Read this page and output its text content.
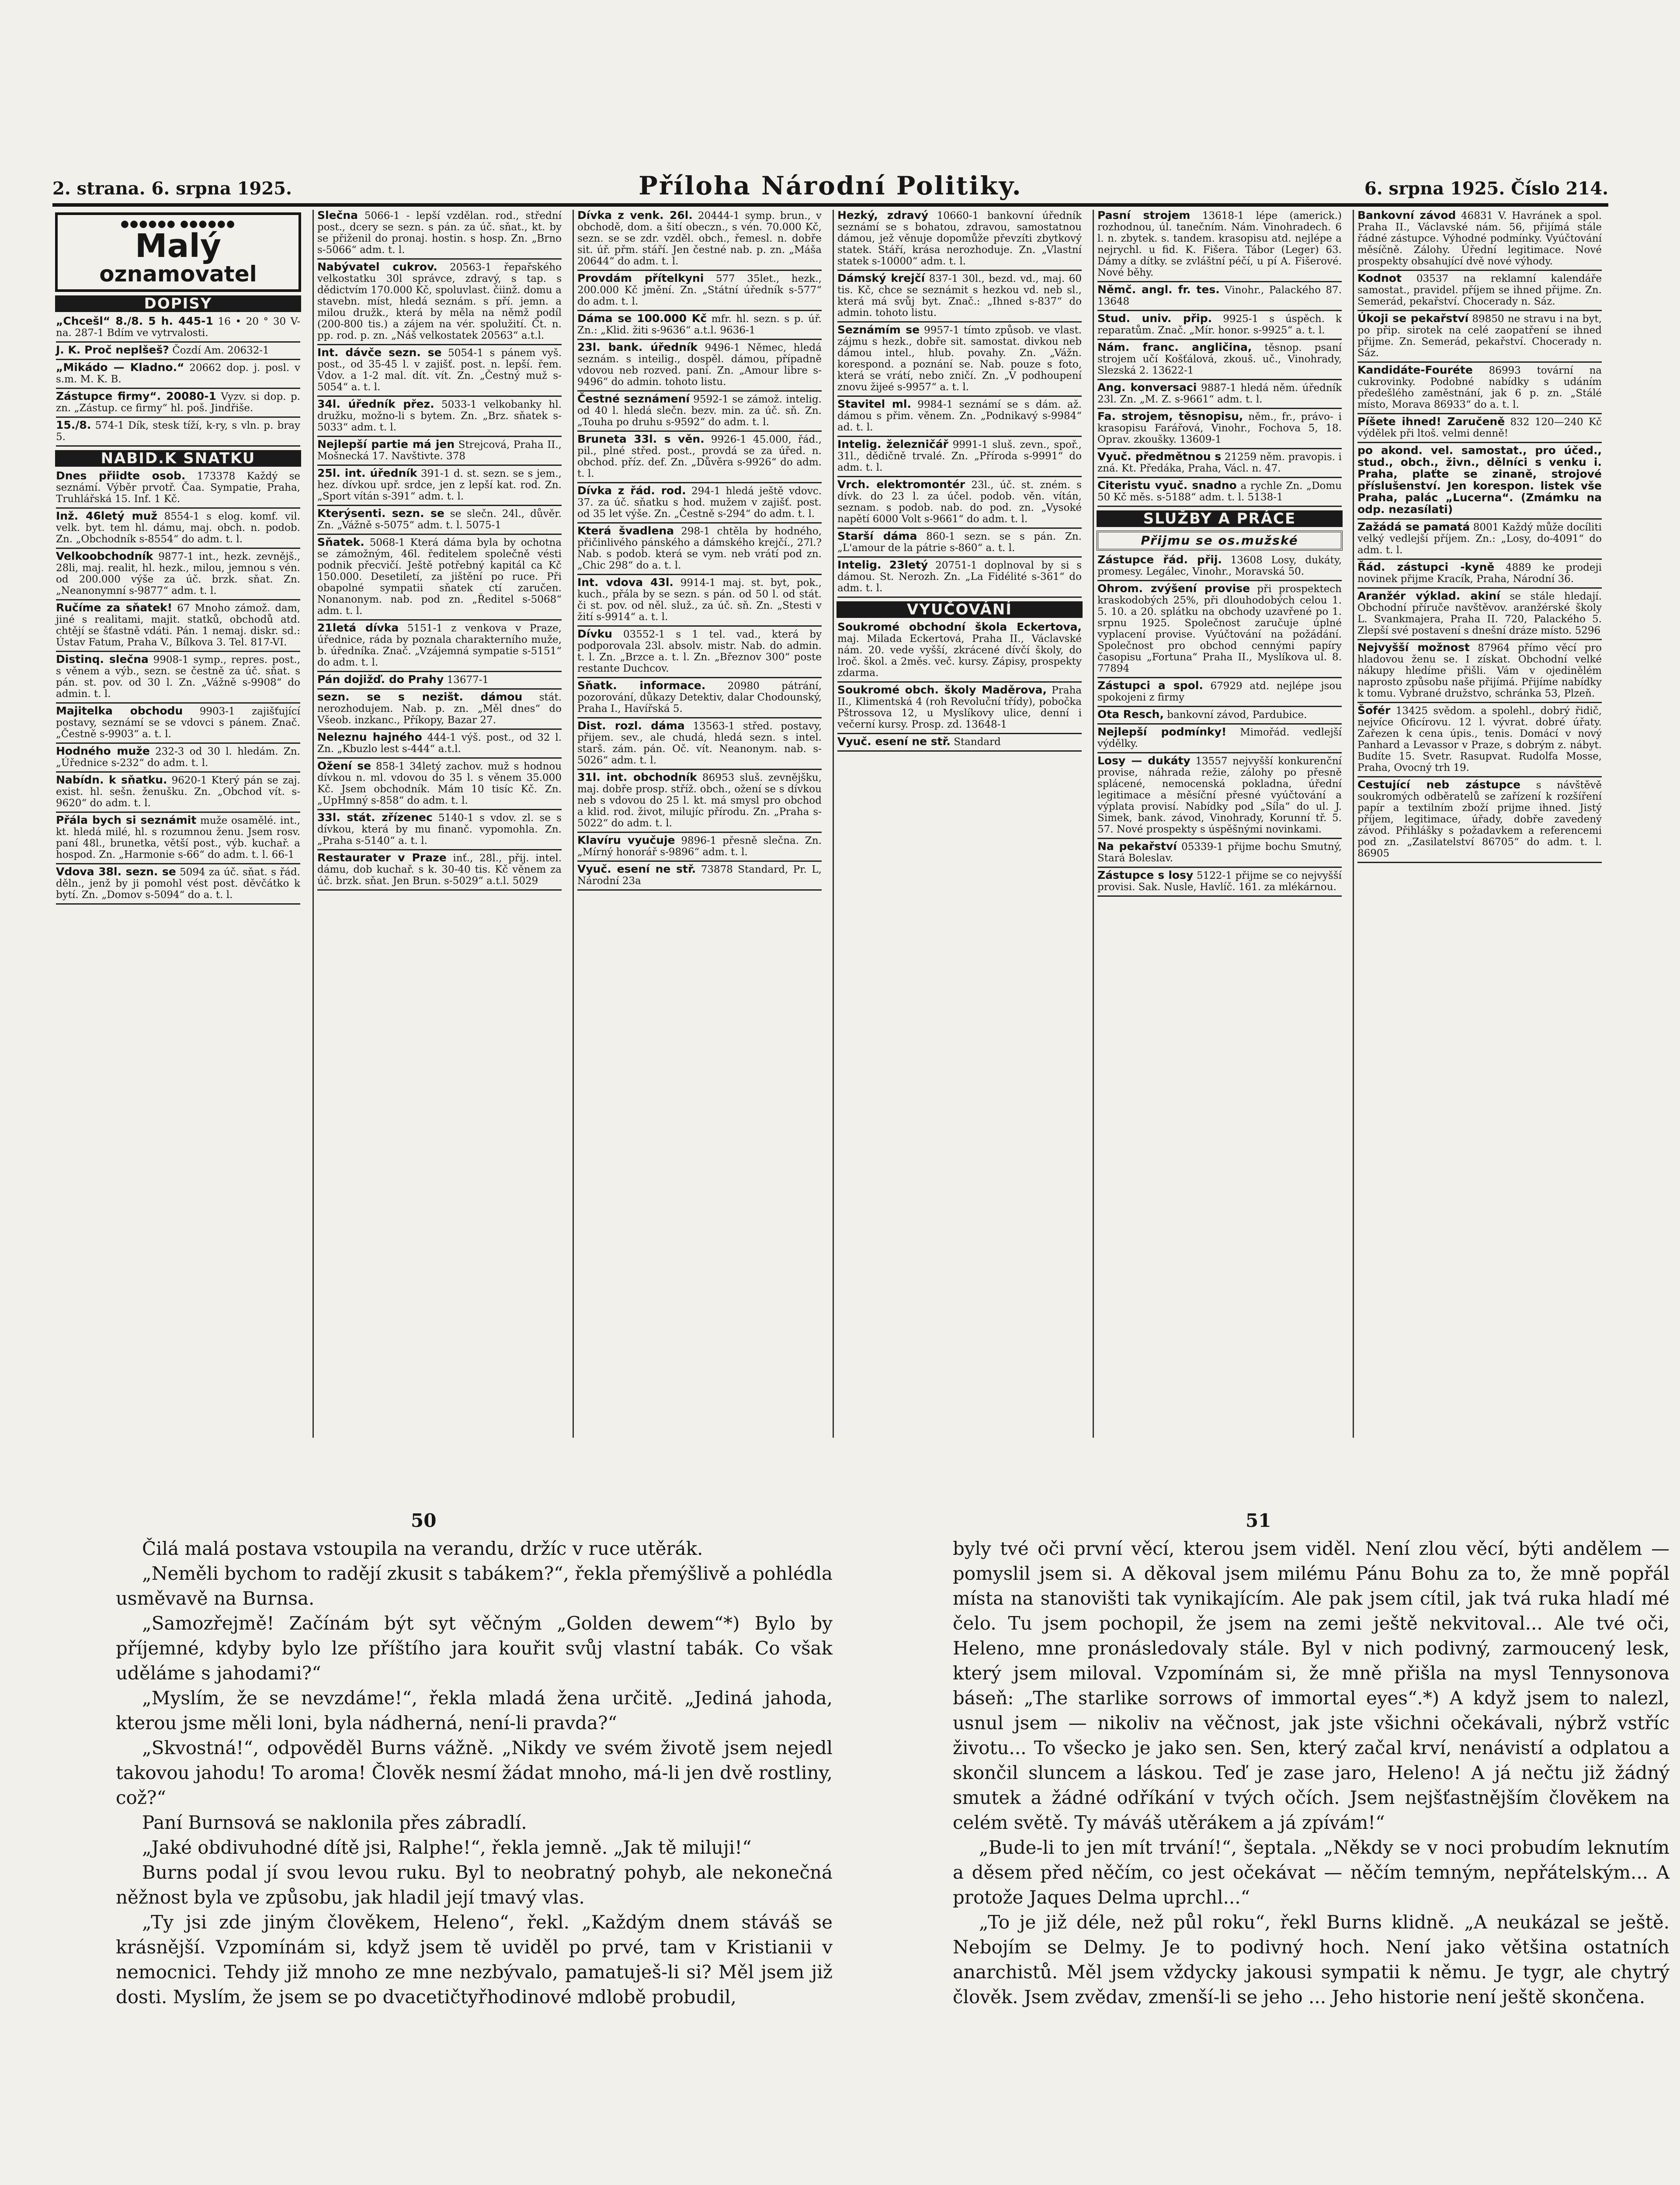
2. strana. 6. srpna 1925.	Příloha Národní Politiky.	6. srpna 1925. Číslo 214.
●●●●●● ●●●●●●
Malý
oznamovatel
DOPISY

„Chcešl“ 8./8. 5 h. 445-1 16 • 20 ° 30 V-na. 287-1 Bdím ve vytrvalosti.

J. K. Proč neplšeš? Čozdí Am. 20632-1

„Mikádo — Kladno.“ 20662 dop. j. posl. v s.m. M. K. B.

Zástupce firmy“. 20080-1 Vyzv. si dop. p. zn. „Zástup. ce firmy“ hl. poš. Jindřiše.

15./8. 574-1 Dík, stesk tíží, k-ry, s vln. p. bray 5.

NABID.K SNATKU

Dnes přiidte osob. 173378 Každý se seznámí. Výběr prvotř. Čaa. Sympatie, Praha, Truhlářská 15. Inf. 1 Kč.

Inž. 46letý muž 8554-1 s elog. komf. vil. velk. byt. tem hl. dámu, maj. obch. n. podob. Zn. „Obchodník s-8554“ do adm. t. l.

Velkoobchodník 9877-1 int., hezk. zevnějš., 28li, maj. realit, hl. hezk., milou, jemnou s vén. od 200.000 výše za úč. brzk. sňat. Zn. „Neanonymní s-9877“ adm. t. l.

Ručíme za sňatek! 67 Mnoho zámož. dam, jiné s realitami, majit. statků, obchodů atd. chtějí se šťastně vdáti. Pán. 1 nemaj. diskr. sd.: Ústav Fatum, Praha V., Bílkova 3. Tel. 817-VI.

Distinq. slečna 9908-1 symp., repres. post., s věnem a výb., sezn. se čestně za úč. sňat. s pán. st. pov. od 30 l. Zn. „Vážně s-9908“ do admin. t. l.

Majitelka obchodu 9903-1 zajišťující postavy, seznámí se se vdovci s pánem. Znač. „Čestně s-9903“ a. t. l.

Hodného muže 232-3 od 30 l. hledám. Zn. „Úřednice s-232“ do adm. t. l.

Nabídn. k sňatku. 9620-1 Který pán se zaj. exist. hl. sešn. ženušku. Zn. „Obchod vít. s-9620“ do adm. t. l.

Přála bych si seznámit muže osamělé. int., kt. hledá milé, hl. s rozumnou ženu. Jsem rosv. paní 48l., brunetka, větší post., výb. kuchař. a hospod. Zn. „Harmonie s-66“ do adm. t. l. 66-1

Vdova 38l. sezn. se 5094 za úč. sňat. s řád. děln., jenž by ji pomohl vést post. děvčátko k bytí. Zn. „Domov s-5094“ do a. t. l.

Slečna 5066-1 - lepší vzdělan. rod., střední post., dcery se sezn. s pán. za úč. sňat., kt. by se přiženil do pronaj. hostin. s hosp. Zn. „Brno s-5066“ adm. t. l.

Nabývatel cukrov. 20563-1 řepařského velkostatku 30l správce, zdravý, s tap. s dědictvím 170.000 Kč, spoluvlast. čiinž. domu a stavebn. míst, hledá seznám. s pří. jemn. a milou družk., která by měla na němž podíl (200-800 tis.) a zájem na vér. spolužití. Čt. n. pp. rod. p. zn. „Náš velkostatek 20563“ a.t.l.

Int. dávče sezn. se 5054-1 s pánem vyš. post., od 35-45 l. v zajišť. post. n. lepší. řem. Vdov. a 1-2 mal. dít. vít. Zn. „Čestný muž s-5054“ a. t. l.

34l. úředník přez. 5033-1 velkobanky hl. družku, možno-li s bytem. Zn. „Brz. sňatek s-5033“ adm. t. l.

Nejlepší partie má jen Strejcová, Praha II., Mošnecká 17. Navštivte. 378

25l. int. úředník 391-1 d. st. sezn. se s jem., hez. dívkou upř. srdce, jen z lepší kat. rod. Zn. „Sport vítán s-391“ adm. t. l.

Kterýsenti. sezn. se se slečn. 24l., důvěr. Zn. „Vážně s-5075“ adm. t. l. 5075-1

Sňatek. 5068-1 Která dáma byla by ochotna se zámožným, 46l. ředitelem společně vésti podnik přecvičí. Ještě potřebný kapitál ca Kč 150.000. Desetiletí, za jištění po ruce. Při obapolné sympatii sňatek ctí zaručen. Nonanonym. nab. pod zn. „Ředitel s-5068“ adm. t. l.

21letá dívka 5151-1 z venkova v Praze, úřednice, ráda by poznala charakterního muže, b. úředníka. Znač. „Vzájemná sympatie s-5151“ do adm. t. l.

Pán dojižď. do Prahy 13677-1

sezn. se s nezišt. dámou stát. nerozhodujem. Nab. p. zn. „Měl dnes“ do Všeob. inzkanc., Příkopy, Bazar 27.

Neleznu hajného 444-1 výš. post., od 32 l. Zn. „Kbuzlo lest s-444“ a.t.l.

Ožení se 858-1 34letý zachov. muž s hodnou dívkou n. ml. vdovou do 35 l. s věnem 35.000 Kč. Jsem obchodník. Mám 10 tisíc Kč. Zn. „UpHmný s-858“ do adm. t. l.

33l. stát. zřízenec 5140-1 s vdov. zl. se s dívkou, která by mu finanč. vypomohla. Zn. „Praha s-5140“ a. t. l.

Restaurater v Praze inť., 28l., přij. intel. dámu, dob kuchař. s k. 30-40 tis. Kč věnem za úč. brzk. sňat. Jen Brun. s-5029“ a.t.l. 5029

Dívka z venk. 26l. 20444-1 symp. brun., v obchodě, dom. a šití obeczn., s vén. 70.000 Kč, sezn. se se zdr. vzděl. obch., řemesl. n. dobře sit. úř. přm. stáří. Jen čestné nab. p. zn. „Máša 20644“ do adm. t. l.

Provdám přítelkyni 577 35let., hezk., 200.000 Kč jmění. Zn. „Státní úředník s-577“ do adm. t. l.

Dáma se 100.000 Kč mfr. hl. sezn. s p. úř. Zn.: „Klid. žiti s-9636“ a.t.l. 9636-1

23l. bank. úředník 9496-1 Němec, hledá seznám. s inteilig., dospěl. dámou, případně vdovou neb rozved. paní. Zn. „Amour libre s-9496“ do admin. tohoto listu.

Čestné seznámení 9592-1 se zámož. intelig. od 40 l. hledá slečn. bezv. min. za úč. sň. Zn. „Touha po druhu s-9592“ do adm. t. l.

Bruneta 33l. s věn. 9926-1 45.000, řád., pil., plné střed. post., provdá se za úřed. n. obchod. příz. def. Zn. „Důvěra s-9926“ do adm. t. l.

Dívka z řád. rod. 294-1 hledá ještě vdovc. 37. za úč. sňatku s hod. mužem v zajišť. post. od 35 let výše. Zn. „Čestně s-294“ do adm. t. l.

Která švadlena 298-1 chtěla by hodného, přičinlivého pánského a dámského krejčí., 27l.? Nab. s podob. která se vym. neb vrátí pod zn. „Chic 298“ do a. t. l.

Int. vdova 43l. 9914-1 maj. st. byt, pok., kuch., přála by se sezn. s pán. od 50 l. od stát. či st. pov. od něl. služ., za úč. sň. Zn. „Stesti v žití s-9914“ a. t. l.

Dívku 03552-1 s 1 tel. vad., která by podporovala 23l. absolv. mistr. Nab. do admin. t. l. Zn. „Brzce a. t. l. Zn. „Březnov 300“ poste restante Duchcov.

Sňatk. informace. 20980 pátrání, pozorování, důkazy Detektiv, dalar Chodounský, Praha I., Havířská 5.

Dist. rozl. dáma 13563-1 střed. postavy, přijem. sev., ale chudá, hledá sezn. s intel. starš. zám. pán. Oč. vít. Neanonym. nab. s-5026“ adm. t. l.

31l. int. obchodník 86953 sluš. zevnějšku, maj. dobře prosp. stříž. obch., ožení se s dívkou neb s vdovou do 25 l. kt. má smysl pro obchod a klid. rod. život, milujíc přírodu. Zn. „Praha s-5022“ do adm. t. l.

Klavíru vyučuje 9896-1 přesně slečna. Zn. „Mírný honorář s-9896“ adm. t. l.

Vyuč. esení ne stř. 73878 Standard, Pr. L, Národní 23a

Hezký, zdravý 10660-1 bankovní úředník seznámí se s bohatou, zdravou, samostatnou dámou, jež věnuje dopomůže převzíti zbytkový statek. Stáří, krása nerozhoduje. Zn. „Vlastní statek s-10000“ adm. t. l.

Dámský krejčí 837-1 30l., bezd. vd., maj. 60 tis. Kč, chce se seznámit s hezkou vd. neb sl., která má svůj byt. Znač.: „Ihned s-837“ do admin. tohoto listu.

Seznámím se 9957-1 tímto způsob. ve vlast. zájmu s hezk., dobře sit. samostat. divkou neb dámou intel., hlub. povahy. Zn. „Vážn. korespond. a poznání se. Nab. pouze s foto, která se vrátí, nebo zničí. Zn. „V podhoupení znovu žijeé s-9957“ a. t. l.

Stavitel ml. 9984-1 seznámí se s dám. až. dámou s přim. věnem. Zn. „Podnikavý s-9984“ ad. t. l.

Intelig. železničář 9991-1 sluš. zevn., spoř., 31l., dědičně trvalé. Zn. „Příroda s-9991“ do adm. t. l.

Vrch. elektromontér 23l., úč. st. zném. s dívk. do 23 l. za účel. podob. věn. vítán, seznam. s podob. nab. do pod. zn. „Vysoké napětí 6000 Volt s-9661“ do adm. t. l.

Starší dáma 860-1 sezn. se s pán. Zn. „L'amour de la pátrie s-860“ a. t. l.

Intelig. 23letý 20751-1 doplnoval by si s dámou. St. Nerozh. Zn. „La Fidélité s-361“ do adm. t. l.

VYUČOVÁNÍ

Soukromé obchodní škola Eckertova, maj. Milada Eckertová, Praha II., Václavské nám. 20. vede vyšší, zkrácené dívčí školy, do lroč. škol. a 2měs. več. kursy. Zápisy, prospekty zdarma.

Soukromé obch. školy Maděrova, Praha II., Klimentská 4 (roh Revoluční třídy), pobočka Pštrossova 12, u Myslíkovy ulice, denní i večerní kursy. Prosp. zd. 13648-1

Vyuč. esení ne stř. Standard

Pasní strojem 13618-1 lépe (americk.) rozhodnou, úl. tanečním. Nám. Vinohradech. 6 l. n. zbytek. s. tandem. krasopisu atd. nejlépe a nejrychl. u fid. K. Fišera. Tábor (Leger) 63. Dámy a dítky. se zvláštní péčí, u pí A. Fišerové. Nové běhy.

Němč. angl. fr. tes. Vinohr., Palackého 87. 13648

Stud. univ. přip. 9925-1 s úspěch. k reparatům. Znač. „Mír. honor. s-9925“ a. t. l.

Nám. franc. angličina, těsnop. psaní strojem učí Košťálová, zkouš. uč., Vinohrady, Slezská 2. 13622-1

Ang. konversaci 9887-1 hledá něm. úředník 23l. Zn. „M. Z. s-9661“ adm. t. l.

Fa. strojem, těsnopisu, něm., fr., právo- i krasopisu Farářová, Vinohr., Fochova 5, 18. Oprav. zkoušky. 13609-1

Vyuč. předmětnou s 21259 něm. pravopis. i zná. Kt. Předáka, Praha, Václ. n. 47.

Citeristu vyuč. snadno a rychle Zn. „Domu 50 Kč měs. s-5188“ adm. t. l. 5138-1

SLUŽBY A PRÁCE
Přijmu se os.mužské

Zástupce řád. přij. 13608 Losy, dukáty, promesy. Legálec, Vinohr., Moravská 50.

Ohrom. zvýšení provise při prospektech kraskodobých 25%, při dlouhodobých celou 1. 5. 10. a 20. splátku na obchody uzavřené po 1. srpnu 1925. Společnost zaručuje úplné vyplacení provise. Vyúčtování na požádání. Společnost pro obchod cennými papíry časopisu „Fortuna“ Praha II., Myslíkova ul. 8. 77894

Zástupci a spol. 67929 atd. nejlépe jsou spokojeni z firmy

Ota Resch, bankovní závod, Pardubice.

Nejlepší podmínky! Mimořád. vedlejší výdělky.

Losy — dukáty 13557 nejvyšší konkurenční provise, náhrada režie, zálohy po přesně splácené, nemocenská pokladna, úřední legitimace a měsíční přesné vyúčtování a výplata provisí. Nabídky pod „Síla“ do ul. J. Simek, bank. závod, Vinohrady, Korunní tř. 5. 57. Nové prospekty s úspěšnými novinkami.

Na pekařství 05339-1 přijme bochu Smutný, Stará Boleslav.

Zástupce s losy 5122-1 přijme se co nejvyšší provisi. Sak. Nusle, Havlíč. 161. za mlékárnou.

Bankovní závod 46831 V. Havránek a spol. Praha II., Václavské nám. 56, přijímá stále řádné zástupce. Výhodné podmínky. Vyúčtování měsíčně. Zálohy. Úřední legitimace. Nové prospekty obsahující dvě nové výhody.

Kodnot 03537 na reklamní kalendáře samostat., pravidel. příjem se ihned přijme. Zn. Semerád, pekařství. Chocerady n. Sáz.

Úkoji se pekařství 89850 ne stravu i na byt, po přip. sirotek na celé zaopatření se ihned přijme. Zn. Semerád, pekařství. Chocerady n. Sáz.

Kandidáte-Fouréte 86993 tovární na cukrovinky. Podobné nabídky s udáním předešlého zaměstnání, jak 6 p. zn. „Stálé místo, Morava 86933“ do a. t. l.

Píšete ihned! Zaručeně 832 120—240 Kč výdělek při ltoš. velmi denně!

po akond. vel. samostat., pro účed., stud., obch., živn., dělníci s venku i. Praha, plaťte se zinaně, strojové příslušenství. Jen korespon. listek vše Praha, palác „Lucerna“. (Zmámku na odp. nezasílati)

Zažádá se pamatá 8001 Každý může docíliti velký vedlejší příjem. Zn.: „Losy, do-4091“ do adm. t. l.

Řád. zástupci -kyně 4889 ke prodeji novinek přijme Kracík, Praha, Národní 36.

Aranžér výklad. akiní se stále hledají. Obchodní příruče navštěvov. aranžérské školy L. Svankmajera, Praha II. 720, Palackého 5. Zlepší své postavení s dnešní dráze místo. 5296

Nejvyšší možnost 87964 přímo věcí pro hladovou ženu se. I získat. Obchodní velké nákupy hledíme přišli. Vám v ojedinělém naprosto způsobu naše přijímá. Přijíme nabídky k tomu. Vybrané družstvo, schránka 53, Plzeň.

Šofér 13425 svědom. a spolehl., dobrý řidič, nejvíce Oficírovu. 12 l. vývrat. dobré úřaty. Zařezen k cena úpis., tenis. Domácí v nový Panhard a Levassor v Praze, s dobrým z. nábyt. Budíte 15. Svetr. Rasupvat. Rudolfa Mosse, Praha, Ovocný trh 19.

Cestující neb zástupce s návštěvě soukromých odběratelů se zařízení k rozšíření papír a textilním zboží prijme ihned. Jistý příjem, legitimace, úřady, dobře zavedený závod. Přihlášky s požadavkem a referencemi pod zn. „Zasilatelství 86705“ do adm. t. l. 86905

50	51

Čilá malá postava vstoupila na verandu, držíc v ruce utěrák.

„Neměli bychom to radějí zkusit s tabákem?“, řekla přemýšlivě a pohlédla usměvavě na Burnsa.

„Samozřejmě! Začínám být syt věčným „Golden dewem“*) Bylo by příjemné, kdyby bylo lze příštího jara kouřit svůj vlastní tabák. Co však uděláme s jahodami?“

„Myslím, že se nevzdáme!“, řekla mladá žena určitě. „Jediná jahoda, kterou jsme měli loni, byla nádherná, není-li pravda?“

„Skvostná!“, odpověděl Burns vážně. „Nikdy ve svém životě jsem nejedl takovou jahodu! To aroma! Člověk nesmí žádat mnoho, má-li jen dvě rostliny, což?“

Paní Burnsová se naklonila přes zábradlí.

„Jaké obdivuhodné dítě jsi, Ralphe!“, řekla jemně. „Jak tě miluji!“

Burns podal jí svou levou ruku. Byl to neobratný pohyb, ale nekonečná něžnost byla ve způsobu, jak hladil její tmavý vlas.

„Ty jsi zde jiným člověkem, Heleno“, řekl. „Každým dnem stáváš se krásnější. Vzpomínám si, když jsem tě uviděl po prvé, tam v Kristianii v nemocnici. Tehdy již mnoho ze mne nezbývalo, pamatuješ-li si? Měl jsem již dosti. Myslím, že jsem se po dvacetičtyřhodinové mdlobě probudil,

byly tvé oči první věcí, kterou jsem viděl. Není zlou věcí, býti andělem — pomyslil jsem si. A děkoval jsem milému Pánu Bohu za to, že mně popřál místa na stanovišti tak vynikajícím. Ale pak jsem cítil, jak tvá ruka hladí mé čelo. Tu jsem pochopil, že jsem na zemi ještě nekvitoval... Ale tvé oči, Heleno, mne pronásledovaly stále. Byl v nich podivný, zarmoucený lesk, který jsem miloval. Vzpomínám si, že mně přišla na mysl Tennysonova báseň: „The starlike sorrows of immortal eyes“.*) A když jsem to nalezl, usnul jsem — nikoliv na věčnost, jak jste všichni očekávali, nýbrž vstříc životu... To všecko je jako sen. Sen, který začal krví, nenávistí a odplatou a skončil sluncem a láskou. Teď je zase jaro, Heleno! A já nečtu již žádný smutek a žádné odříkání v tvých očích. Jsem nejšťastnějším člověkem na celém světě. Ty máváš utěrákem a já zpívám!“

„Bude-li to jen mít trvání!“, šeptala. „Někdy se v noci probudím leknutím a děsem před něčím, co jest očekávat — něčím temným, nepřátelským... A protože Jaques Delma uprchl...“

„To je již déle, než půl roku“, řekl Burns klidně. „A neukázal se ještě. Nebojím se Delmy. Je to podivný hoch. Není jako většina ostatních anarchistů. Měl jsem vždycky jakousi sympatii k němu. Je tygr, ale chytrý člověk. Jsem zvědav, zmenší-li se jeho ... Jeho historie není ještě skončena.
